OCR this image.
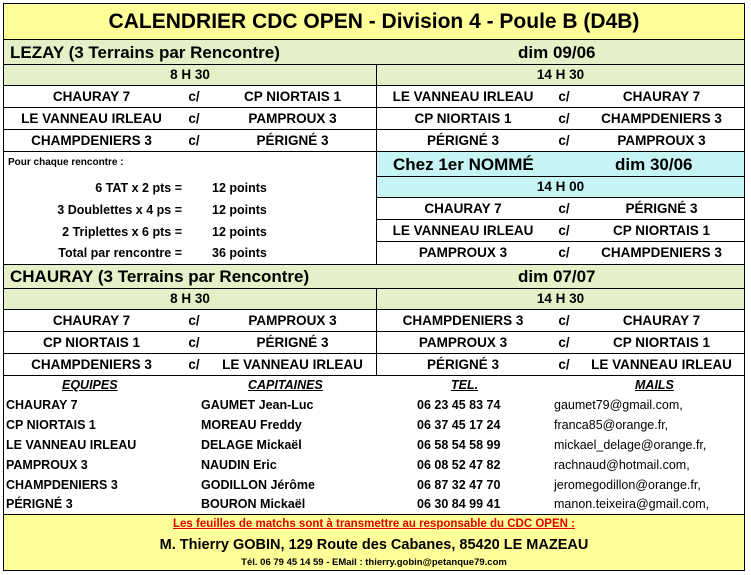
CALENDRIER CDC OPEN - Division 4 - Poule B (D4B)
LEZAY (3 Terrains par Rencontre)	dim 09/06
8 H 30	14 H 30
CHAURAY 7	c/	CP NIORTAIS 1
LE VANNEAU IRLEAU	c/	PAMPROUX 3
CHAMPDENIERS 3	c/	PÉRIGNÉ 3
LE VANNEAU IRLEAU	c/	CHAURAY 7
CP NIORTAIS 1	c/	CHAMPDENIERS 3
PÉRIGNÉ 3	c/	PAMPROUX 3
Pour chaque rencontre :
6 TAT x 2 pts = 12 points
3 Doublettes x 4 ps = 12 points
2 Triplettes x 6 pts = 12 points
Total par rencontre = 36 points
Chez 1er NOMMÉ	dim 30/06
14 H 00
CHAURAY 7	c/	PÉRIGNÉ 3
LE VANNEAU IRLEAU	c/	CP NIORTAIS 1
PAMPROUX 3	c/	CHAMPDENIERS 3
CHAURAY (3 Terrains par Rencontre)	dim 07/07
8 H 30	14 H 30
CHAURAY 7	c/	PAMPROUX 3
CP NIORTAIS 1	c/	PÉRIGNÉ 3
CHAMPDENIERS 3	c/	LE VANNEAU IRLEAU
CHAMPDENIERS 3	c/	CHAURAY 7
PAMPROUX 3	c/	CP NIORTAIS 1
PÉRIGNÉ 3	c/	LE VANNEAU IRLEAU
EQUIPES	CAPITAINES	TEL.	MAILS
CHAURAY 7	GAUMET Jean-Luc	06 23 45 83 74	gaumet79@gmail.com,
CP NIORTAIS 1	MOREAU Freddy	06 37 45 17 24	franca85@orange.fr,
LE VANNEAU IRLEAU	DELAGE Mickaël	06 58 54 58 99	mickael_delage@orange.fr,
PAMPROUX 3	NAUDIN Eric	06 08 52 47 82	rachnaud@hotmail.com,
CHAMPDENIERS 3	GODILLON Jérôme	06 87 32 47 70	jeromegodillon@orange.fr,
PÉRIGNÉ 3	BOURON Mickaël	06 30 84 99 41	manon.teixeira@gmail.com,
Les feuilles de matchs sont à transmettre au responsable du CDC OPEN :
M. Thierry GOBIN, 129 Route des Cabanes, 85420 LE MAZEAU
Tél. 06 79 45 14 59 - EMail : thierry.gobin@petanque79.com
